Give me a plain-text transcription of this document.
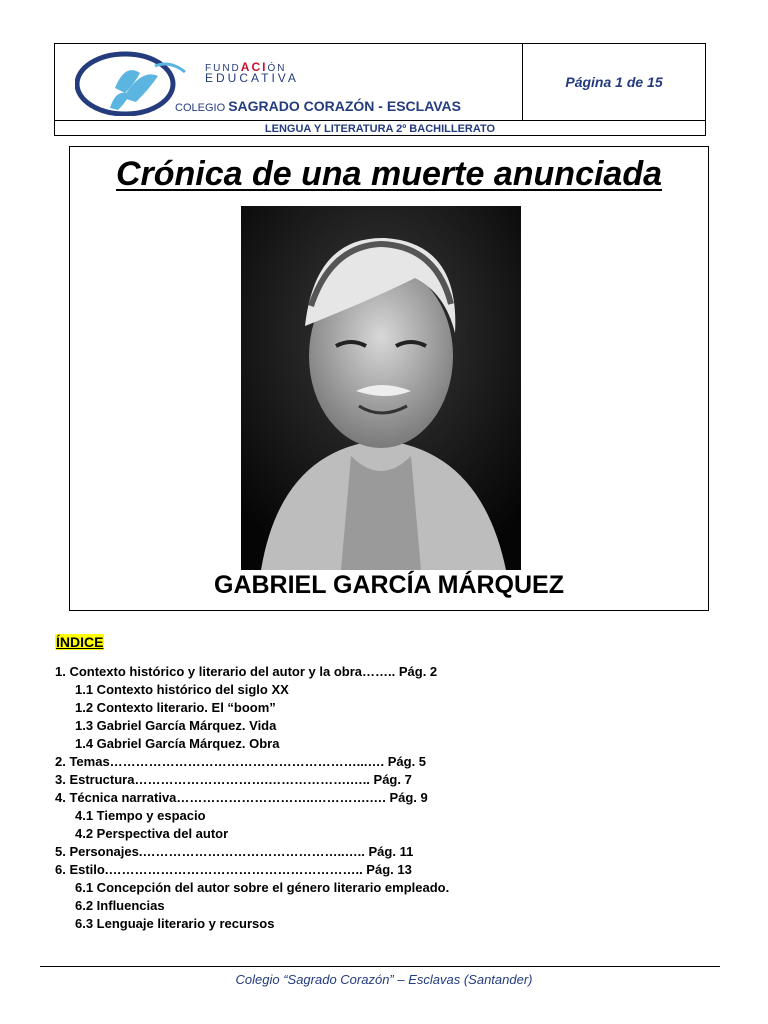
FUNDACIÓN
EDUCATIVA
COLEGIO SAGRADO CORAZÓN - ESCLAVAS
Página 1 de 15
LENGUA Y LITERATURA 2º BACHILLERATO
Crónica de una muerte anunciada
GABRIEL GARCÍA MÁRQUEZ
ÍNDICE
1. Contexto histórico y literario del autor y la obra…….. Pág. 2
1.1 Contexto histórico del siglo XX
1.2 Contexto literario. El “boom”
1.3 Gabriel García Márquez. Vida
1.4 Gabriel García Márquez. Obra
2. Temas…………………………………………………...…. Pág. 5
3. Estructura………………………….……………….….. Pág. 7
4. Técnica narrativa…………………………..………….…. Pág. 9
4.1 Tiempo y espacio
4.2 Perspectiva del autor
5. Personajes.………………………………………..….. Pág. 11
6. Estilo.………………………………………………….. Pág. 13
6.1 Concepción del autor sobre el género literario empleado.
6.2 Influencias
6.3 Lenguaje literario y recursos
Colegio “Sagrado Corazón” – Esclavas (Santander)
